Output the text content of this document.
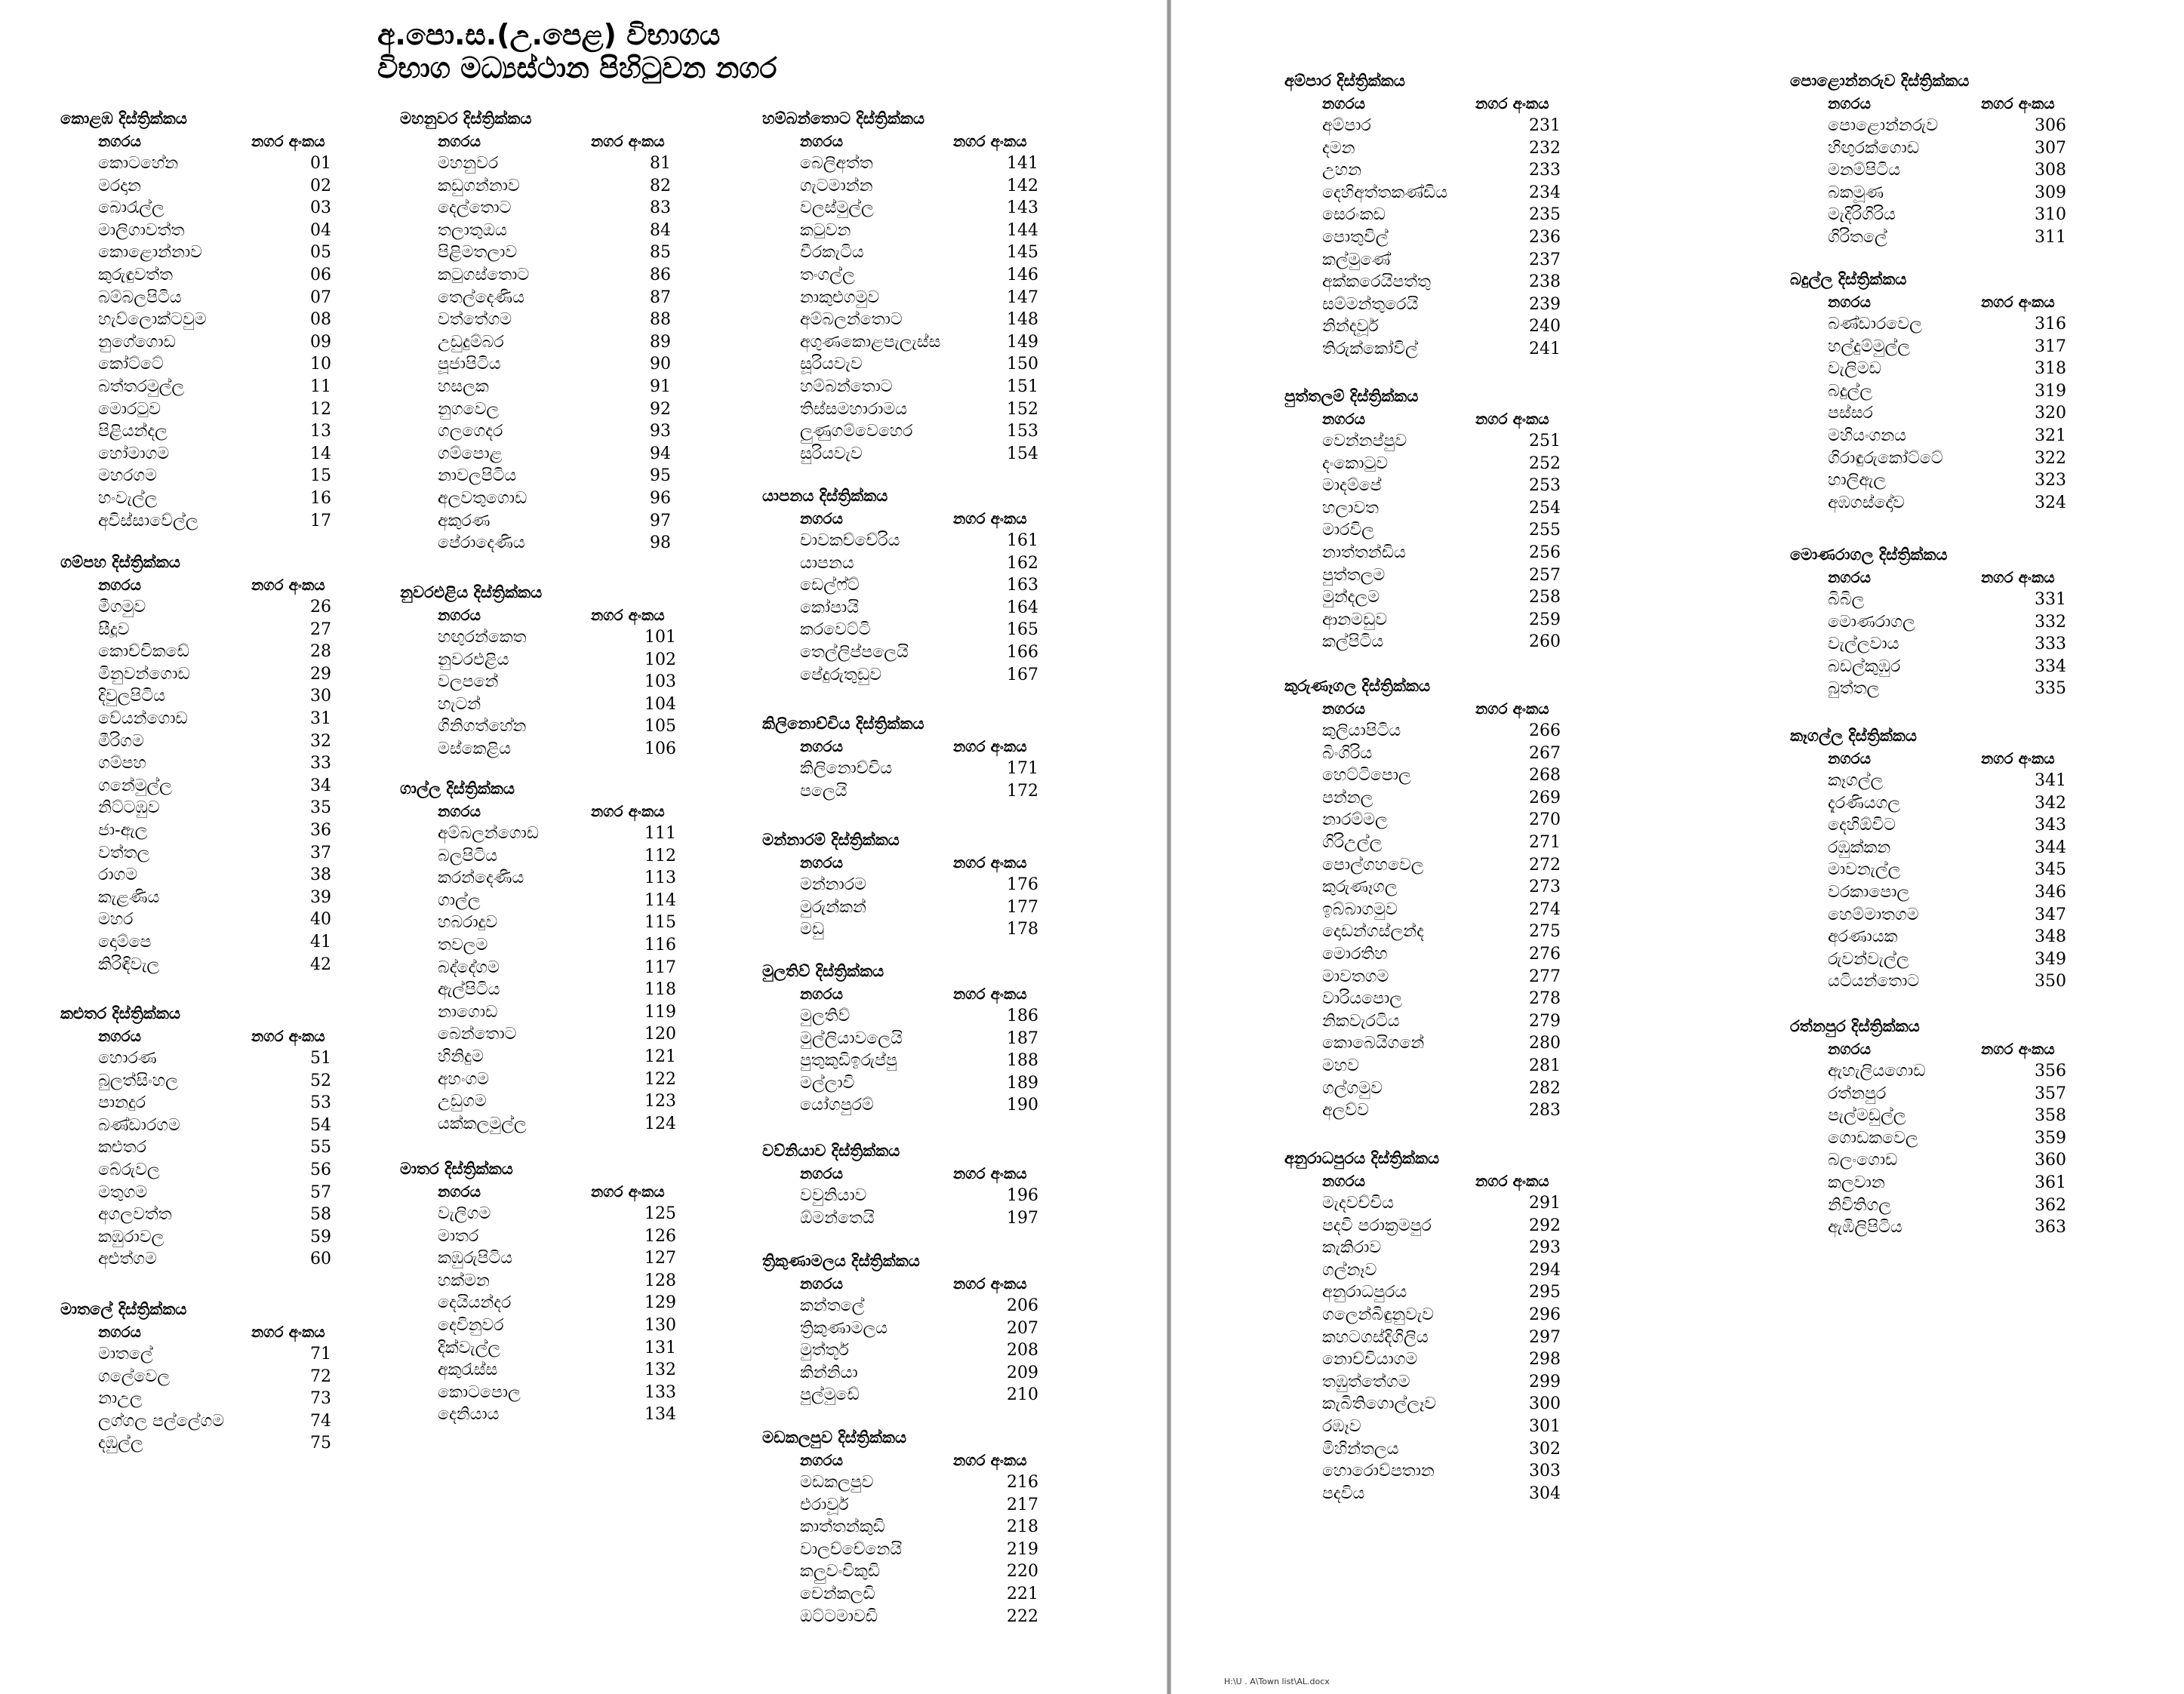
අ.පො.ස.(උ.පෙළ) විභාගය
විභාග මධ්‍යස්ථාන පිහිටුවන නගර
කොළඹ දිස්ත්‍රික්කය
නගරය	නගර අංකය
කොටහේන	01
මරදාන	02
බොරැල්ල	03
මාලිගාවත්ත	04
කොළොන්නාව	05
කුරුඳුවත්ත	06
බම්බලපිටිය	07
හැව්ලොක්ටවුම	08
නුගේගොඩ	09
කෝට්ටේ	10
බත්තරමුල්ල	11
මොරටුව	12
පිළියන්දල	13
හෝමාගම	14
මහරගම	15
හංවැල්ල	16
අවිස්සාවේල්ල	17
ගම්පහ දිස්ත්‍රික්කය
නගරය	නගර අංකය
මීගමුව	26
සීදූව	27
කොච්චිකඩේ	28
මිනුවන්ගොඩ	29
දිවුලපිටිය	30
වේයන්ගොඩ	31
මීරිගම	32
ගම්පහ	33
ගනේමුල්ල	34
නිට්ටඹුව	35
ජා-ඇල	36
වත්තල	37
රාගම	38
කැළණිය	39
මහර	40
දොම්පෙ	41
කිරිඳිවැල	42
කළුතර දිස්ත්‍රික්කය
නගරය	නගර අංකය
හොරණ	51
බුලත්සිංහල	52
පානදුර	53
බණ්ඩාරගම	54
කළුතර	55
බේරුවල	56
මතුගම	57
අගලවත්ත	58
කඹුරාවල	59
අළුත්ගම	60
මාතලේ දිස්ත්‍රික්කය
නගරය	නගර අංකය
මාතලේ	71
ගලේවෙල	72
නාඋල	73
ලග්ගල පල්ලේගම	74
දඹුල්ල	75
මහනුවර දිස්ත්‍රික්කය
නගරය	නගර අංකය
මහනුවර	81
කඩුගන්නාව	82
දෙල්තොට	83
තලාතුඔය	84
පිළිමතලාව	85
කටුගස්තොට	86
තෙල්දෙණිය	87
වත්තේගම	88
උඩුදුම්බර	89
පූජාපිටිය	90
හසලක	91
නුගවෙල	92
ගලගෙදර	93
ගම්පොළ	94
නාවලපිටිය	95
අලවතුගොඩ	96
අකුරණ	97
පේරාදෙණිය	98
නුවරඑළිය දිස්ත්‍රික්කය
නගරය	නගර අංකය
හඟුරන්කෙත	101
නුවරඑළිය	102
වලපනේ	103
හැටන්	104
ගිනිගත්හේන	105
මස්කෙළිය	106
ගාල්ල දිස්ත්‍රික්කය
නගරය	නගර අංකය
අම්බලන්ගොඩ	111
බලපිටිය	112
කරන්දෙණිය	113
ගාල්ල	114
හබරාදුව	115
තවලම	116
බද්දේගම	117
ඇල්පිටිය	118
නාගොඩ	119
බෙන්තොට	120
හිනිදුම	121
අහංගම	122
උඩුගම	123
යක්කලමුල්ල	124
මාතර දිස්ත්‍රික්කය
නගරය	නගර අංකය
වැලිගම	125
මාතර	126
කඹුරුපිටිය	127
හක්මන	128
දෙයියන්දර	129
දෙවිනුවර	130
දික්වැල්ල	131
අකුරැස්ස	132
කොටපොල	133
දෙනියාය	134
හම්බන්තොට දිස්ත්‍රික්කය
නගරය	නගර අංකය
බෙලිඅත්ත	141
ගැටමාන්න	142
වලස්මුල්ල	143
කටුවන	144
වීරකැටිය	145
තංගල්ල	146
නාකුළුගමුව	147
අම්බලන්තොට	148
අගුණකොළපැලැස්ස	149
සූරියවැව	150
හම්බන්තොට	151
තිස්සමහාරාමය	152
ලුණුගම්වෙහෙර	153
සුරියවැව	154
යාපනය දිස්ත්‍රික්කය
නගරය	නගර අංකය
චාවකච්චේරිය	161
යාපනය	162
ඩෙල්ෆ්ට්	163
කෝපායි	164
කරවෙට්ටි	165
තෙල්ලිප්පලෙයි	166
පේදුරුතුඩුව	167
කිලිනොච්චිය දිස්ත්‍රික්කය
නගරය	නගර අංකය
කිලිනොච්චිය	171
පලෙයි	172
මන්නාරම් දිස්ත්‍රික්කය
නගරය	නගර අංකය
මන්නාරම	176
මුරුන්කන්	177
මඩු	178
මුලතිව් දිස්ත්‍රික්කය
නගරය	නගර අංකය
මුලතිව්	186
මුල්ලියාවලෙයි	187
පුතුකුඩිඉරුප්පු	188
මල්ලාවි	189
යෝගපුරම්	190
වව්නියාව දිස්ත්‍රික්කය
නගරය	නගර අංකය
වවුනියාව	196
ඕමන්තෙයි	197
ත්‍රිකුණාමලය දිස්ත්‍රික්කය
නගරය	නගර අංකය
කන්තලේ	206
ත්‍රිකුණාමලය	207
මුත්තූර්	208
කින්නියා	209
පුල්මුඩේ	210
මඩකලපුව දිස්ත්‍රික්කය
නගරය	නගර අංකය
මඩකලපුව	216
එරාවූර්	217
කාත්තන්කුඩි	218
වාලච්චේනෙයි	219
කලුවංචිකුඩි	220
චෙන්කලඩි	221
ඔට්ටමාවඩි	222
අම්පාර දිස්ත්‍රික්කය
නගරය	නගර අංකය
අම්පාර	231
දමන	232
උහන	233
දෙහිඅත්තකණ්ඩිය	234
සෙරංකඩ	235
පොතුවිල්	236
කල්මුණේ	237
අක්කරෙයිපත්තු	238
සම්මන්තුරෙයි	239
නින්දවූර්	240
තිරුක්කෝවිල්	241
පුත්තලම් දිස්ත්‍රික්කය
නගරය	නගර අංකය
වෙන්නප්පුව	251
දංකොටුව	252
මාදම්පේ	253
හලාවත	254
මාරවිල	255
නාත්තන්ඩිය	256
පුත්තලම	257
මුන්දලම	258
ආනමඩුව	259
කල්පිටිය	260
කුරුණෑගල දිස්ත්‍රික්කය
නගරය	නගර අංකය
කුලියාපිටිය	266
බිංගිරිය	267
හෙට්ටිපොල	268
පන්නල	269
නාරම්මල	270
ගිරිඋල්ල	271
පොල්ගහවෙල	272
කුරුණෑගල	273
ඉබ්බාගමුව	274
දොඩන්ගස්ලන්ද	275
මොරතිහ	276
මාවතගම	277
වාරියපොල	278
නිකවැරටිය	279
කොබෙයිගනේ	280
මහව	281
ගල්ගමුව	282
අලව්ව	283
අනුරාධපුරය දිස්ත්‍රික්කය
නගරය	නගර අංකය
මැදවච්චිය	291
පදවි පරාක්‍රමපුර	292
කැකිරාව	293
ගල්නෑව	294
අනුරාධපුරය	295
ගලෙන්බිඳුනුවැව	296
කහටගස්දිගිලිය	297
නොච්චියාගම	298
තඹුත්තේගම	299
කැබිතිගොල්ලෑව	300
රඹෑව	301
මිහින්තලය	302
හොරොව්පතාන	303
පදවිය	304
පොළොන්නරුව දිස්ත්‍රික්කය
නගරය	නගර අංකය
පොළොන්නරුව	306
හිඟුරක්ගොඩ	307
මනම්පිටිය	308
බකමූණ	309
මැදිරිගිරිය	310
ගිරිතලේ	311
බදුල්ල දිස්ත්‍රික්කය
නගරය	නගර අංකය
බණ්ඩාරවෙල	316
හල්දුම්මුල්ල	317
වැලිමඩ	318
බදුල්ල	319
පස්සර	320
මහියංගනය	321
ගිරාඳුරුකෝට්ටේ	322
හාලිඇල	323
අඹගස්දෝව	324
මොණරාගල දිස්ත්‍රික්කය
නගරය	නගර අංකය
බිබිල	331
මොණරාගල	332
වැල්ලවාය	333
බඩල්කුඹුර	334
බුත්තල	335
කෑගල්ල දිස්ත්‍රික්කය
නගරය	නගර අංකය
කෑගල්ල	341
දැරණියගල	342
දෙහිඕවිට	343
රඹුක්කන	344
මාවනැල්ල	345
වරකාපොල	346
හෙම්මාතගම	347
අරණායක	348
රුවන්වැල්ල	349
යටියන්තොට	350
රත්නපුර දිස්ත්‍රික්කය
නගරය	නගර අංකය
ඇහැලියගොඩ	356
රත්නපුර	357
පැල්මඩුල්ල	358
ගොඩකවෙල	359
බලංගොඩ	360
කලවාන	361
නිවිතිගල	362
ඇඹිලිපිටිය	363
H:\U . A\Town list\AL.docx
